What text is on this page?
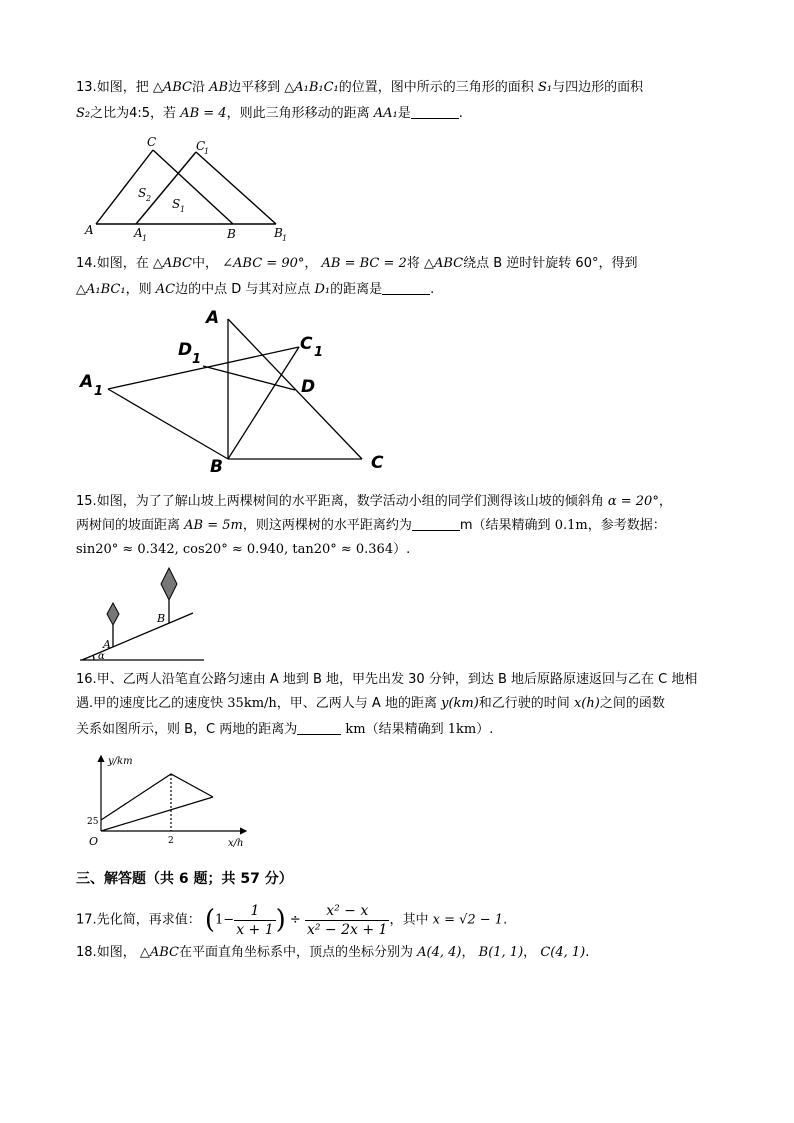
13.如图，把 △ABC沿 AB边平移到 △A₁B₁C₁的位置，图中所示的三角形的面积 S₁与四边形的面积
S₂之比为4:5，若 AB = 4，则此三角形移动的距离 AA₁是	.
C	C
1
S 2 S 1
A	A 1	B	B 1
14.如图，在 △ABC中， ∠ABC = 90°， AB = BC = 2将 △ABC绕点 B 逆时针旋转 60°，得到
△A₁BC₁，则 AC边的中点 D 与其对应点 D₁的距离是	.
A
D 1
C 1
A 1	D
B	C
15.如图，为了了解山坡上两棵树间的水平距离，数学活动小组的同学们测得该山坡的倾斜角 α = 20°，
两树间的坡面距离 AB = 5m，则这两棵树的水平距离约为	m（结果精确到 0.1m，参考数据：
sin20° ≈ 0.342, cos20° ≈ 0.940, tan20° ≈ 0.364）.
A
B
α
16.甲、乙两人沿笔直公路匀速由 A 地到 B 地，甲先出发 30 分钟，到达 B 地后原路原速返回与乙在 C 地相
遇.甲的速度比乙的速度快 35km/h，甲、乙两人与 A 地的距离 y(km)和乙行驶的时间 x(h)之间的函数
关系如图所示，则 B，C 两地的距离为	km（结果精确到 1km）.
y/km
x/h
O
25
2
三、解答题（共 6 题；共 57 分）
17.先化简，再求值： ($1- \frac{1}{x + 1}$ ) ÷ $\frac{\text{x² − x}}{\text{x² − 2x + 1}}$ ，其中 x = √2 − 1.
18.如图， △ABC在平面直角坐标系中，顶点的坐标分别为 A(4, 4)， B(1, 1)， C(4, 1).
